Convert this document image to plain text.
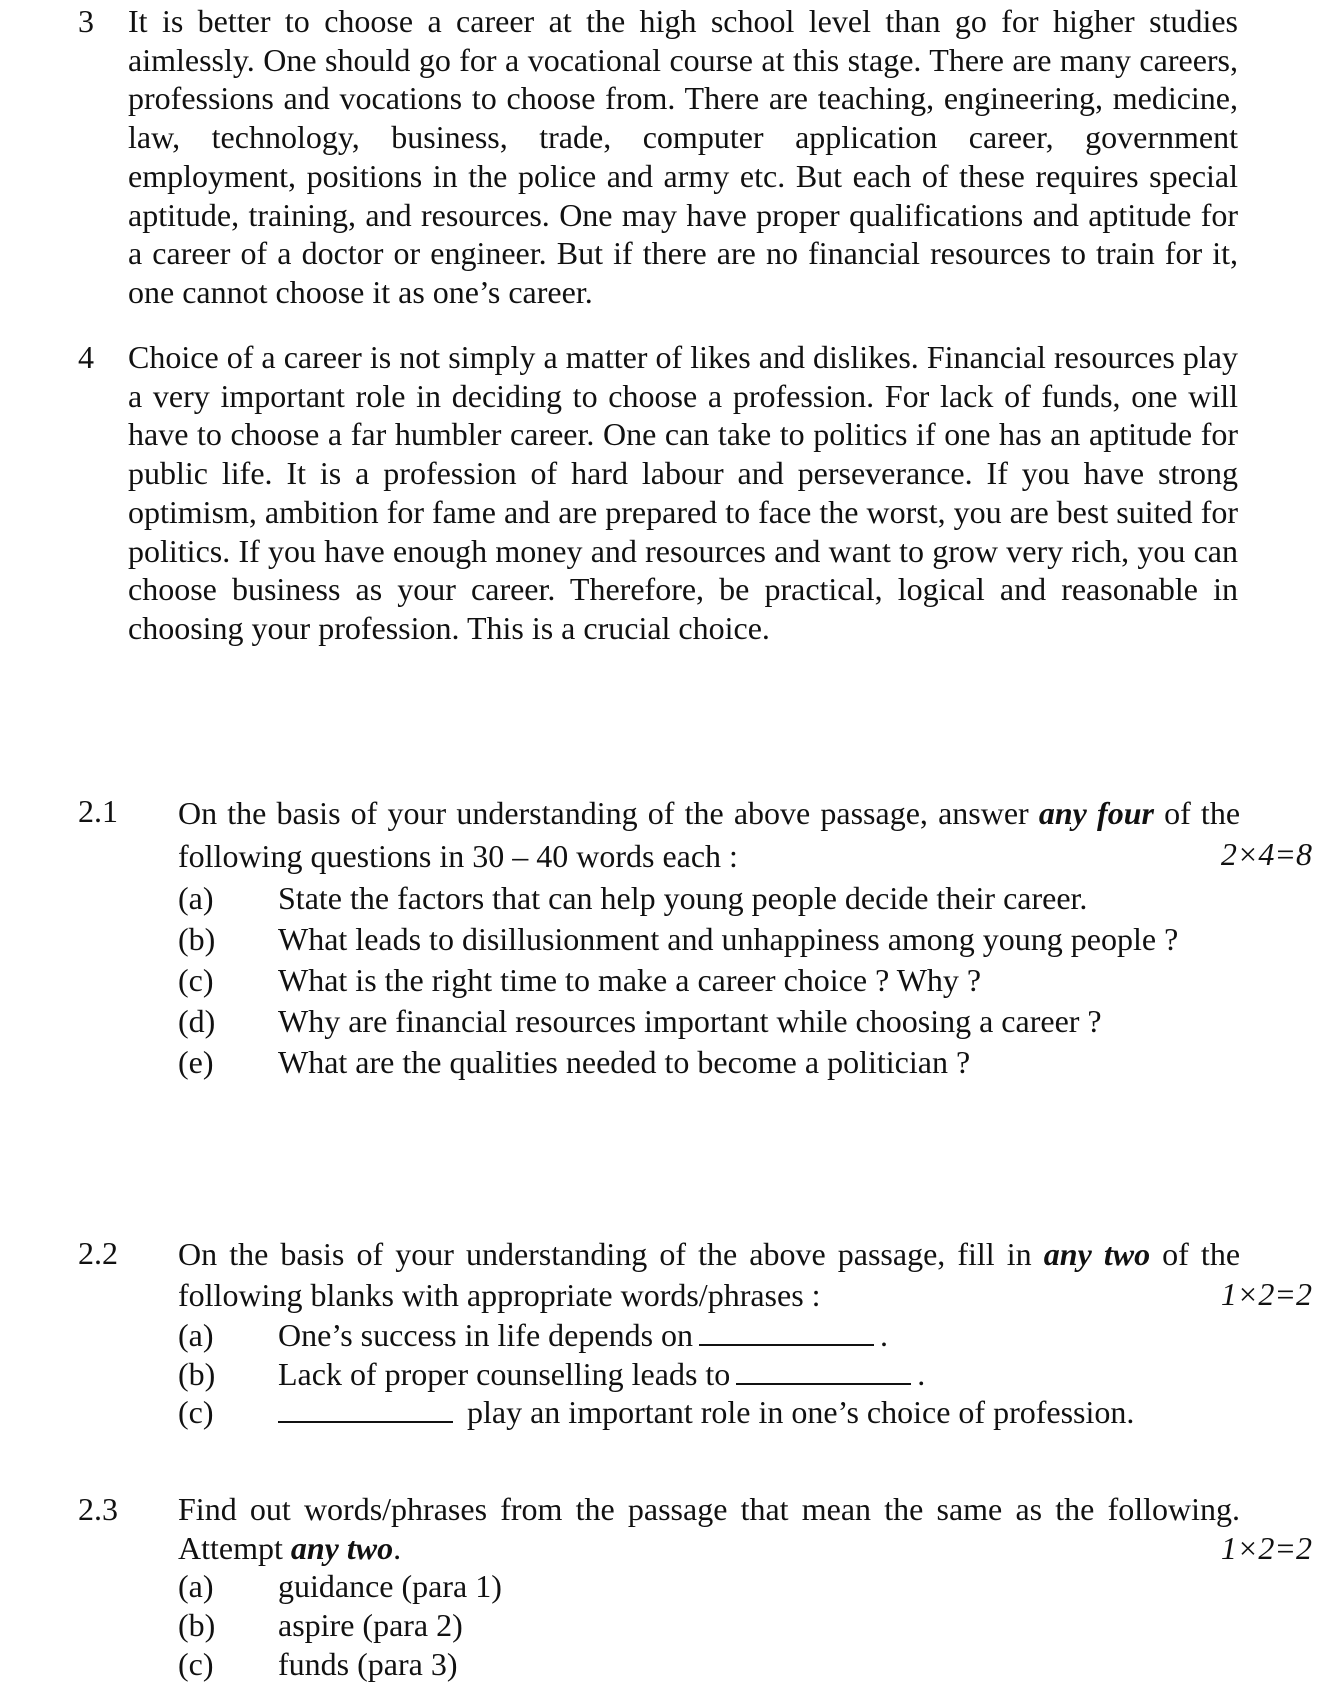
3	It is better to choose a career at the high school level than go for higher studies aimlessly. One should go for a vocational course at this stage. There are many careers, professions and vocations to choose from. There are teaching, engineering, medicine, law, technology, business, trade, computer application career, government employment, positions in the police and army etc. But each of these requires special aptitude, training, and resources. One may have proper qualifications and aptitude for a career of a doctor or engineer. But if there are no financial resources to train for it, one cannot choose it as one’s career.
4	Choice of a career is not simply a matter of likes and dislikes. Financial resources play a very important role in deciding to choose a profession. For lack of funds, one will have to choose a far humbler career. One can take to politics if one has an aptitude for public life. It is a profession of hard labour and perseverance. If you have strong optimism, ambition for fame and are prepared to face the worst, you are best suited for politics. If you have enough money and resources and want to grow very rich, you can choose business as your career. Therefore, be practical, logical and reasonable in choosing your profession. This is a crucial choice.
2.1 On the basis of your understanding of the above passage, answer any four of the following questions in 30 – 40 words each :	2×4=8
(a) State the factors that can help young people decide their career.
(b) What leads to disillusionment and unhappiness among young people ?
(c) What is the right time to make a career choice ? Why ?
(d) Why are financial resources important while choosing a career ?
(e) What are the qualities needed to become a politician ?
2.2 On the basis of your understanding of the above passage, fill in any two of the following blanks with appropriate words/phrases :	1×2=2
(a) One’s success in life depends on	.
(b) Lack of proper counselling leads to	.
(c)	play an important role in one’s choice of profession.
2.3 Find out words/phrases from the passage that mean the same as the following. Attempt any two.	1×2=2
(a) guidance (para 1)
(b) aspire (para 2)
(c) funds (para 3)
